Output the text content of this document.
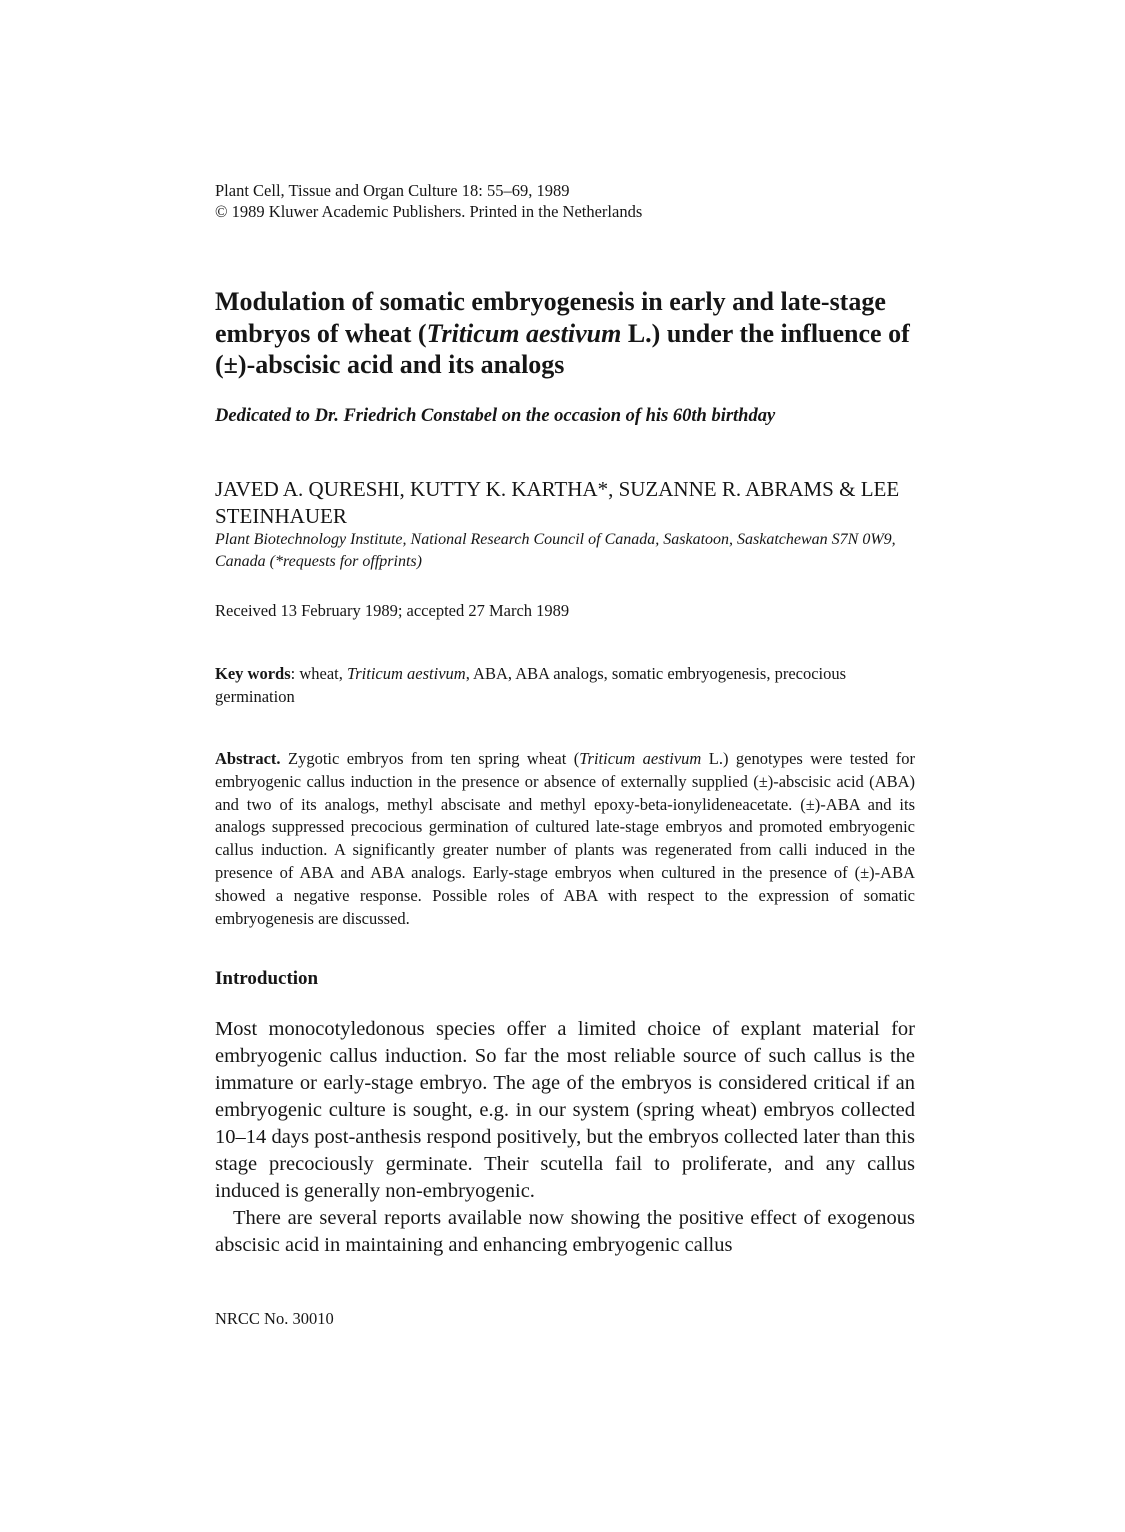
Plant Cell, Tissue and Organ Culture 18: 55–69, 1989
© 1989 Kluwer Academic Publishers. Printed in the Netherlands
Modulation of somatic embryogenesis in early and late-stage embryos of wheat (Triticum aestivum L.) under the influence of (±)-abscisic acid and its analogs
Dedicated to Dr. Friedrich Constabel on the occasion of his 60th birthday
JAVED A. QURESHI, KUTTY K. KARTHA*, SUZANNE R. ABRAMS & LEE STEINHAUER
Plant Biotechnology Institute, National Research Council of Canada, Saskatoon, Saskatchewan S7N 0W9, Canada (*requests for offprints)
Received 13 February 1989; accepted 27 March 1989
Key words: wheat, Triticum aestivum, ABA, ABA analogs, somatic embryogenesis, precocious germination
Abstract. Zygotic embryos from ten spring wheat (Triticum aestivum L.) genotypes were tested for embryogenic callus induction in the presence or absence of externally supplied (±)-abscisic acid (ABA) and two of its analogs, methyl abscisate and methyl epoxy-beta-ionylideneacetate. (±)-ABA and its analogs suppressed precocious germination of cultured late-stage embryos and promoted embryogenic callus induction. A significantly greater number of plants was regenerated from calli induced in the presence of ABA and ABA analogs. Early-stage embryos when cultured in the presence of (±)-ABA showed a negative response. Possible roles of ABA with respect to the expression of somatic embryogenesis are discussed.
Introduction

Most monocotyledonous species offer a limited choice of explant material for embryogenic callus induction. So far the most reliable source of such callus is the immature or early-stage embryo. The age of the embryos is considered critical if an embryogenic culture is sought, e.g. in our system (spring wheat) embryos collected 10–14 days post-anthesis respond positively, but the embryos collected later than this stage precociously germinate. Their scutella fail to proliferate, and any callus induced is generally non-embryogenic.

There are several reports available now showing the positive effect of exogenous abscisic acid in maintaining and enhancing embryogenic callus

NRCC No. 30010
